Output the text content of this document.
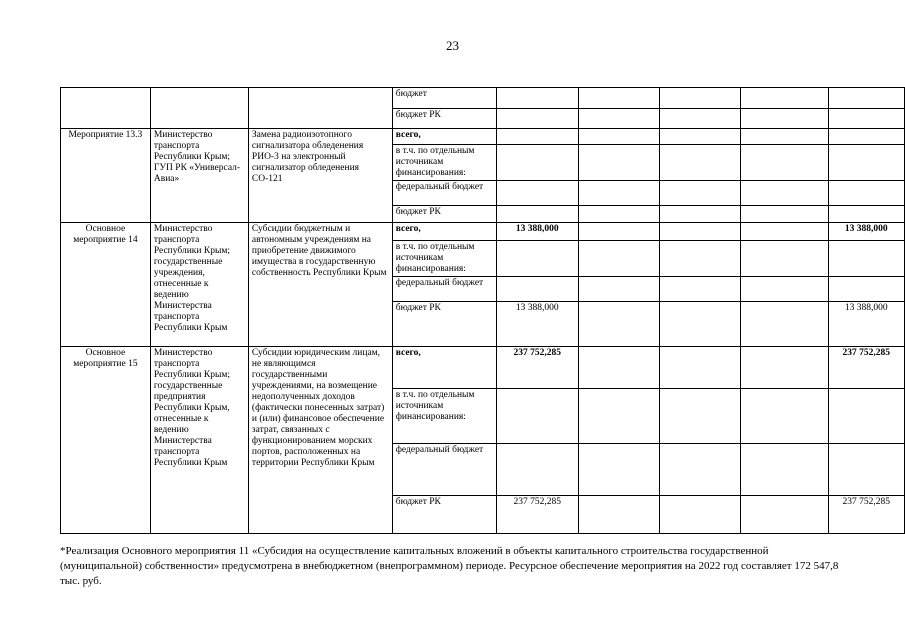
23
			бюджет					
			бюджет РК					
Мероприятие 13.3	Министерство транспорта Республики Крым; ГУП РК «Универсал-Авиа»	Замена радиоизотопного сигнализатора обледенения РИО-3 на электронный сигнализатор обледенения СО-121	всего,					
			в т.ч. по отдельным источникам финансирования:					
			федеральный бюджет					
			бюджет РК					
Основное мероприятие 14	Министерство транспорта Республики Крым; государственные учреждения, отнесенные к ведению Министерства транспорта Республики Крым	Субсидии бюджетным и автономным учреждениям на приобретение движимого имущества в государственную собственность Республики Крым	всего,	13 388,000				13 388,000
			в т.ч. по отдельным источникам финансирования:					
			федеральный бюджет					
			бюджет РК	13 388,000				13 388,000
Основное мероприятие 15	Министерство транспорта Республики Крым; государственные предприятия Республики Крым, отнесенные к ведению Министерства транспорта Республики Крым	Субсидии юридическим лицам, не являющимся государственными учреждениями, на возмещение недополученных доходов (фактически понесенных затрат) и (или) финансовое обеспечение затрат, связанных с функционированием морских портов, расположенных на территории Республики Крым	всего,	237 752,285				237 752,285
			в т.ч. по отдельным источникам финансирования:					
			федеральный бюджет					
			бюджет РК	237 752,285				237 752,285
*Реализация Основного мероприятия 11 «Субсидия на осуществление капитальных вложений в объекты капитального строительства государственной (муниципальной) собственности» предусмотрена в внебюджетном (внепрограммном) периоде. Ресурсное обеспечение мероприятия на 2022 год составляет 172 547,8 тыс. руб.
